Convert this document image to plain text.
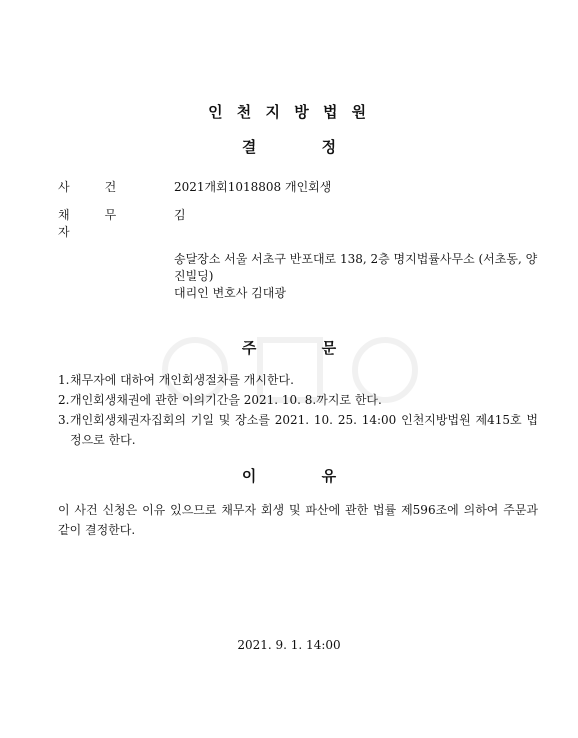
인 천 지 방 법 원
결 정
사 건	2021개회1018808 개인회생
채 무 자
김
송달장소 서울 서초구 반포대로 138, 2층 명지법률사무소 (서초동, 양진빌딩)
대리인 변호사 김대광
주 문
1. 채무자에 대하여 개인회생절차를 개시한다.
2. 개인회생채권에 관한 이의기간을 2021. 10. 8.까지로 한다.
3. 개인회생채권자집회의 기일 및 장소를 2021. 10. 25. 14:00 인천지방법원 제415호 법정으로 한다.
이 유
이 사건 신청은 이유 있으므로 채무자 회생 및 파산에 관한 법률 제596조에 의하여 주문과 같이 결정한다.
2021. 9. 1. 14:00
